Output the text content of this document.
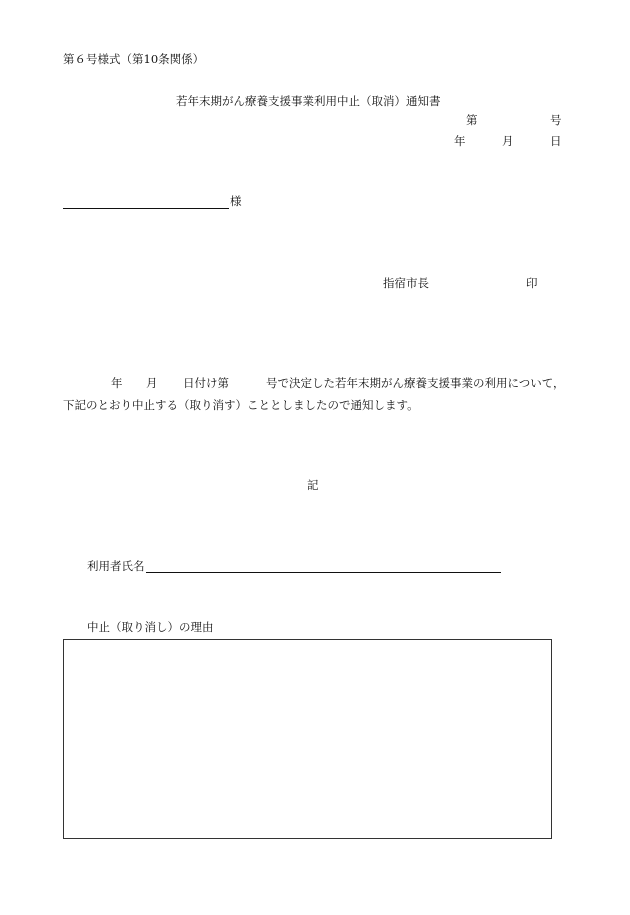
第６号様式（第10条関係）
若年末期がん療養支援事業利用中止（取消）通知書
第	号
年	月	日
様
指宿市長	印
年 月 日付け第	号で決定した若年末期がん療養支援事業の利用について，
下記のとおり中止する（取り消す）こととしましたので通知します。
記
利用者氏名
中止（取り消し）の理由
